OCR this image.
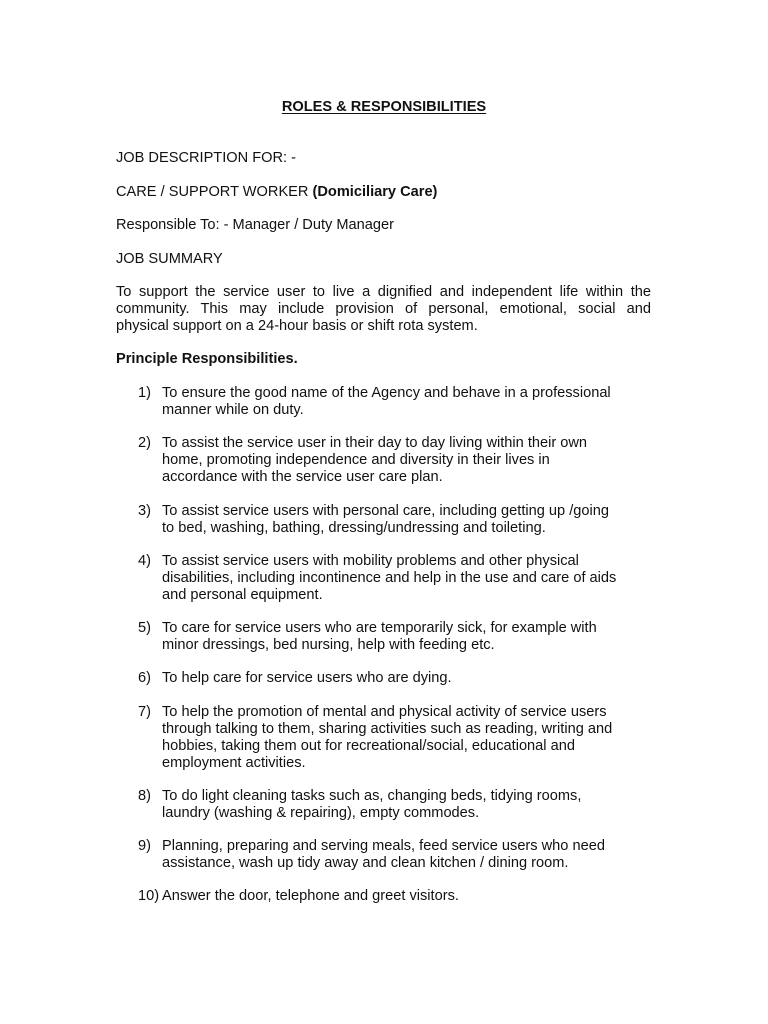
ROLES & RESPONSIBILITIES

JOB DESCRIPTION FOR: -

CARE / SUPPORT WORKER (Domiciliary Care)

Responsible To: - Manager / Duty Manager

JOB SUMMARY

To support the service user to live a dignified and independent life within the
community. This may include provision of personal, emotional, social and
physical support on a 24-hour basis or shift rota system.

Principle Responsibilities.

1) To ensure the good name of the Agency and behave in a professional
manner while on duty.
2) To assist the service user in their day to day living within their own
home, promoting independence and diversity in their lives in
accordance with the service user care plan.
3) To assist service users with personal care, including getting up /going
to bed, washing, bathing, dressing/undressing and toileting.
4) To assist service users with mobility problems and other physical
disabilities, including incontinence and help in the use and care of aids
and personal equipment.
5) To care for service users who are temporarily sick, for example with
minor dressings, bed nursing, help with feeding etc.
6) To help care for service users who are dying.
7) To help the promotion of mental and physical activity of service users
through talking to them, sharing activities such as reading, writing and
hobbies, taking them out for recreational/social, educational and
employment activities.
8) To do light cleaning tasks such as, changing beds, tidying rooms,
laundry (washing & repairing), empty commodes.
9) Planning, preparing and serving meals, feed service users who need
assistance, wash up tidy away and clean kitchen / dining room.
10) Answer the door, telephone and greet visitors.
